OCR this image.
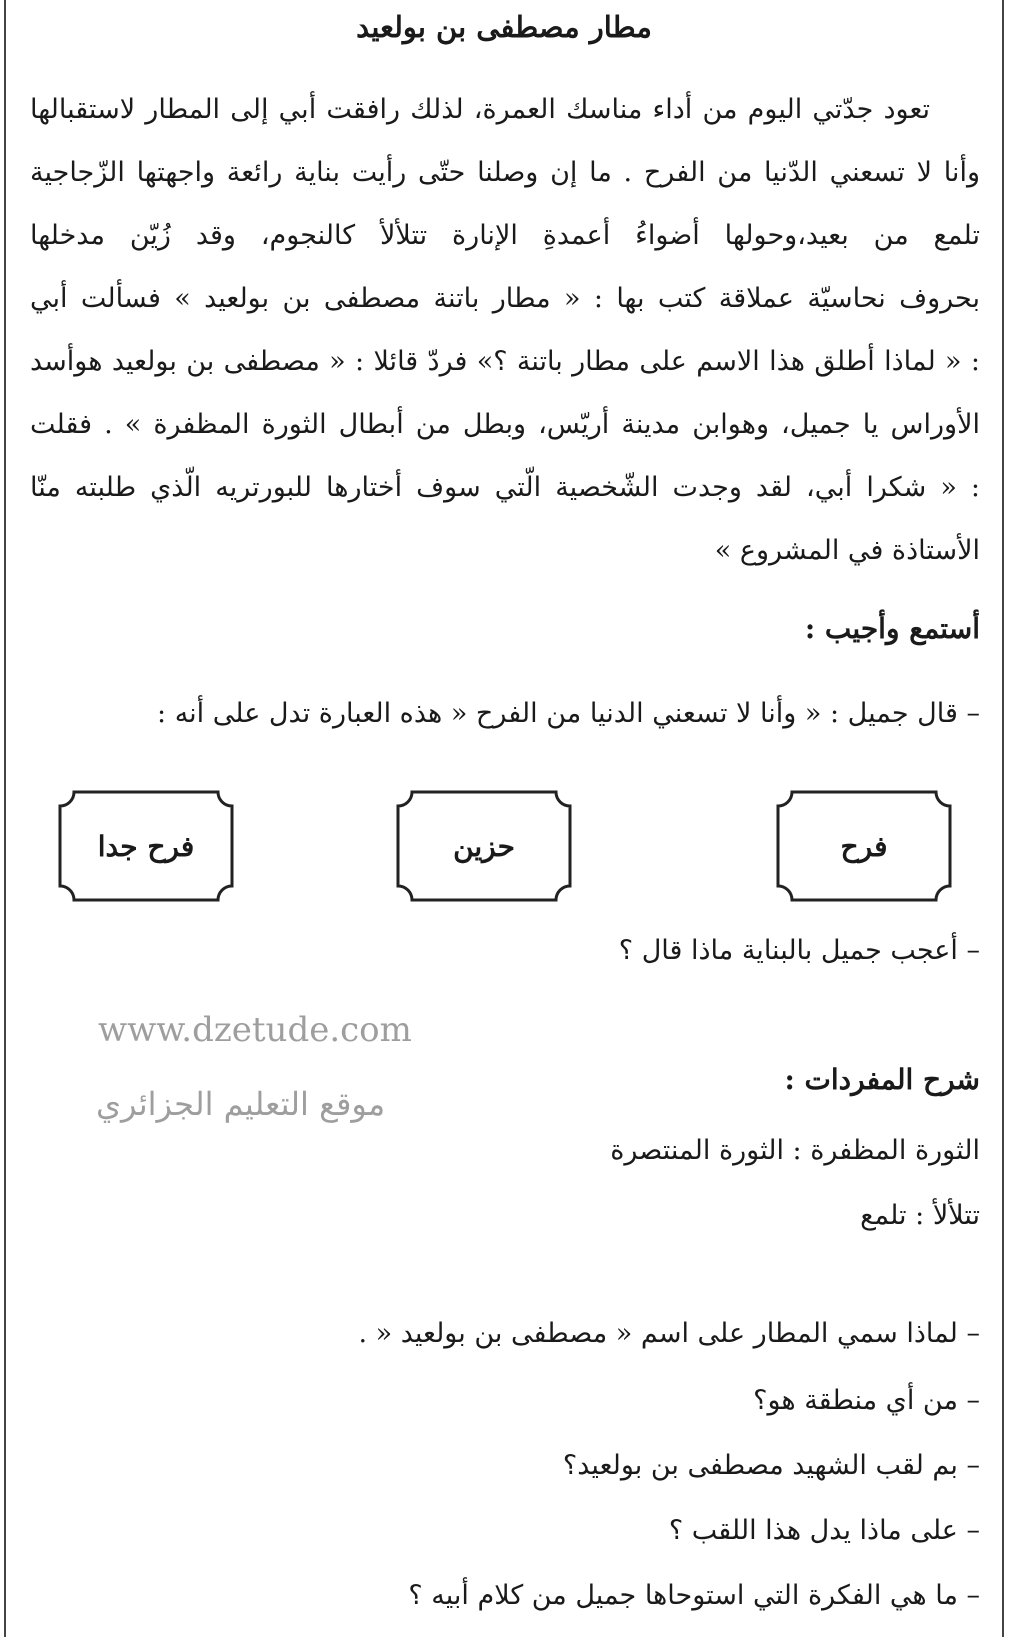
مطار مصطفى بن بولعيد
تعود جدّتي اليوم من أداء مناسك العمرة، لذلك رافقت أبي إلى المطار لاستقبالها
وأنا لا تسعني الدّنيا من الفرح . ما إن وصلنا حتّى رأيت بناية رائعة واجهتها الزّجاجية
تلمع من بعيد،وحولها أضواءُ أعمدةِ الإنارة تتلألأ كالنجوم، وقد زُيّن مدخلها
بحروف نحاسيّة عملاقة كتب بها : « مطار باتنة مصطفى بن بولعيد » فسألت أبي
: « لماذا أطلق هذا الاسم على مطار باتنة ؟» فردّ قائلا : « مصطفى بن بولعيد هوأسد
الأوراس يا جميل، وهوابن مدينة أريّس، وبطل من أبطال الثورة المظفرة » . فقلت
: « شكرا أبي، لقد وجدت الشّخصية الّتي سوف أختارها للبورتريه الّذي طلبته منّا
الأستاذة في المشروع »
أستمع وأجيب :
– قال جميل : « وأنا لا تسعني الدنيا من الفرح « هذه العبارة تدل على أنه :
فرح
حزين
فرح جدا
– أعجب جميل بالبناية ماذا قال ؟
www.dzetude.com
موقع التعليم الجزائري
شرح المفردات :
الثورة المظفرة : الثورة المنتصرة
تتلألأ : تلمع
– لماذا سمي المطار على اسم « مصطفى بن بولعيد « .
– من أي منطقة هو؟
– بم لقب الشهيد مصطفى بن بولعيد؟
– على ماذا يدل هذا اللقب ؟
– ما هي الفكرة التي استوحاها جميل من كلام أبيه ؟
